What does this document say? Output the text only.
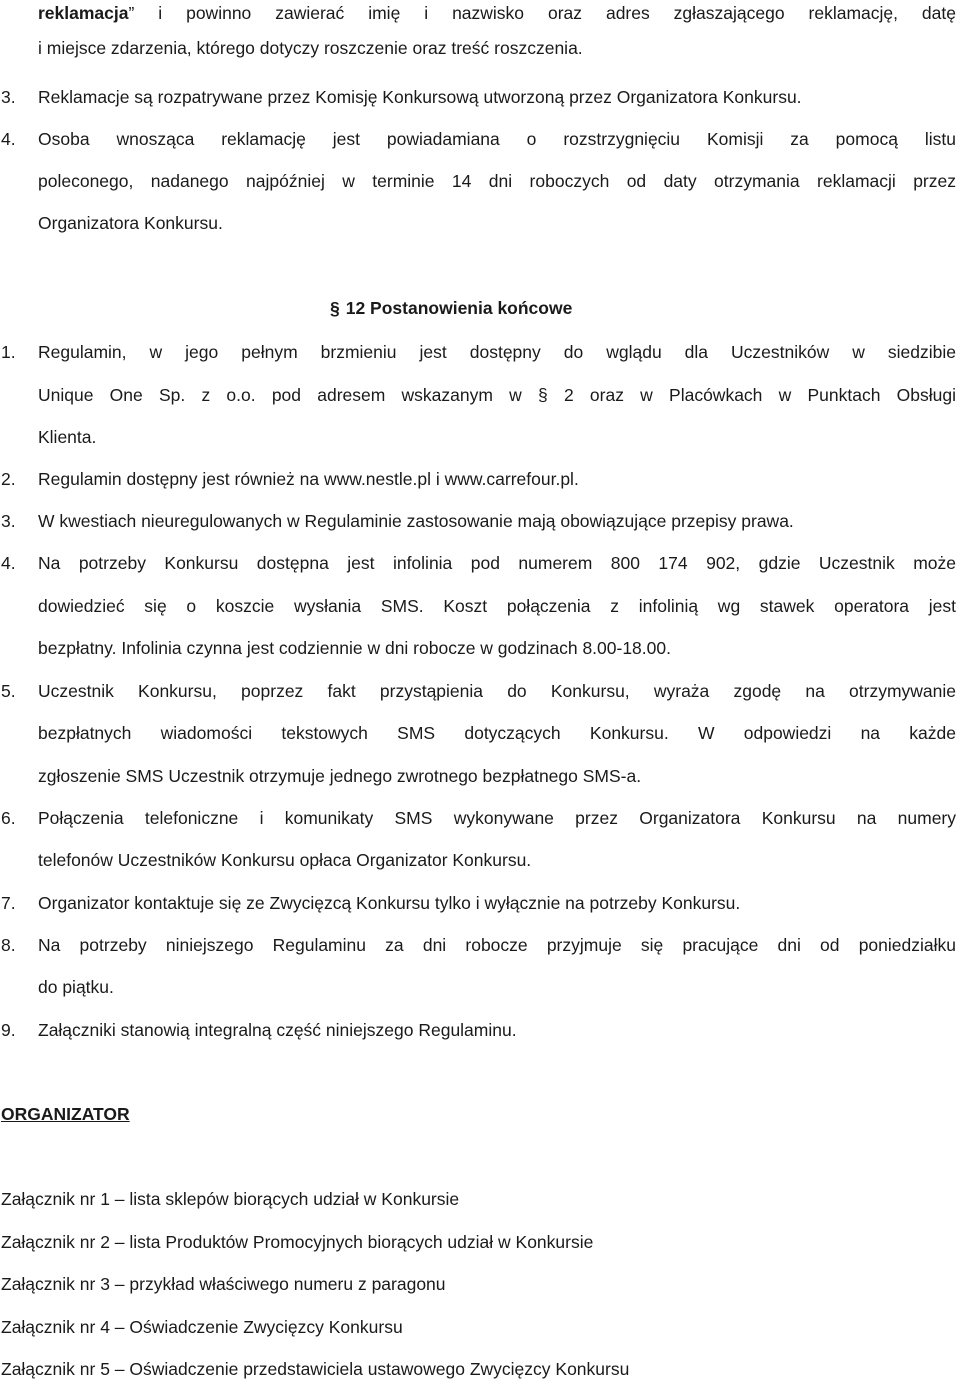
reklamacja” i powinno zawierać imię i nazwisko oraz adres zgłaszającego reklamację, datę
i miejsce zdarzenia, którego dotyczy roszczenie oraz treść roszczenia.
3. Reklamacje są rozpatrywane przez Komisję Konkursową utworzoną przez Organizatora Konkursu.
4. Osoba wnosząca reklamację jest powiadamiana o rozstrzygnięciu Komisji za pomocą listu
poleconego, nadanego najpóźniej w terminie 14 dni roboczych od daty otrzymania reklamacji przez
Organizatora Konkursu.
§ 12 Postanowienia końcowe
1. Regulamin, w jego pełnym brzmieniu jest dostępny do wglądu dla Uczestników w siedzibie
Unique One Sp. z o.o. pod adresem wskazanym w § 2 oraz w Placówkach w Punktach Obsługi
Klienta.
2. Regulamin dostępny jest również na www.nestle.pl i www.carrefour.pl.
3. W kwestiach nieuregulowanych w Regulaminie zastosowanie mają obowiązujące przepisy prawa.
4. Na potrzeby Konkursu dostępna jest infolinia pod numerem 800 174 902, gdzie Uczestnik może
dowiedzieć się o koszcie wysłania SMS. Koszt połączenia z infolinią wg stawek operatora jest
bezpłatny. Infolinia czynna jest codziennie w dni robocze w godzinach 8.00-18.00.
5. Uczestnik Konkursu, poprzez fakt przystąpienia do Konkursu, wyraża zgodę na otrzymywanie
bezpłatnych wiadomości tekstowych SMS dotyczących Konkursu. W odpowiedzi na każde
zgłoszenie SMS Uczestnik otrzymuje jednego zwrotnego bezpłatnego SMS-a.
6. Połączenia telefoniczne i komunikaty SMS wykonywane przez Organizatora Konkursu na numery
telefonów Uczestników Konkursu opłaca Organizator Konkursu.
7. Organizator kontaktuje się ze Zwycięzcą Konkursu tylko i wyłącznie na potrzeby Konkursu.
8. Na potrzeby niniejszego Regulaminu za dni robocze przyjmuje się pracujące dni od poniedziałku
do piątku.
9. Załączniki stanowią integralną część niniejszego Regulaminu.
ORGANIZATOR
Załącznik nr 1 – lista sklepów biorących udział w Konkursie
Załącznik nr 2 – lista Produktów Promocyjnych biorących udział w Konkursie
Załącznik nr 3 – przykład właściwego numeru z paragonu
Załącznik nr 4 – Oświadczenie Zwycięzcy Konkursu
Załącznik nr 5 – Oświadczenie przedstawiciela ustawowego Zwycięzcy Konkursu
